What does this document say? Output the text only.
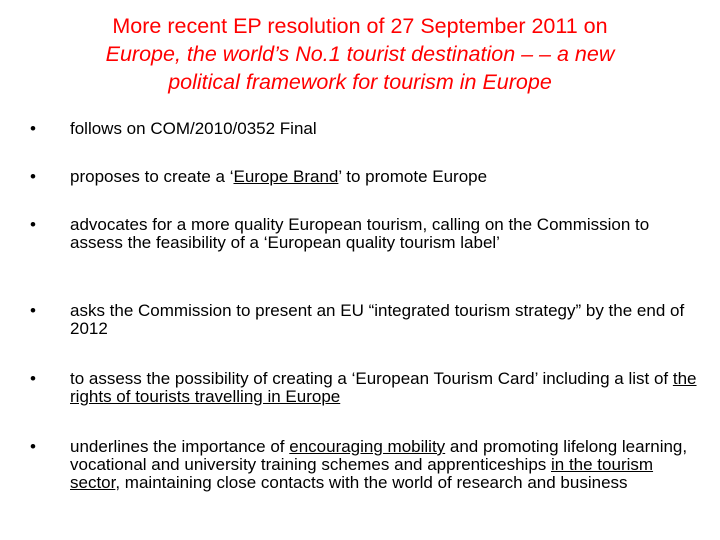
More recent EP resolution of 27 September 2011 on
Europe, the world’s No.1 tourist destination – – a new
political framework for tourism in Europe
•	follows on COM/2010/0352 Final
•	proposes to create a ‘Europe Brand’ to promote Europe
•	advocates for a more quality European tourism, calling on the Commission to assess the feasibility of a ‘European quality tourism label’
•	asks the Commission to present an EU “integrated tourism strategy” by the end of 2012
•	to assess the possibility of creating a ‘European Tourism Card’ including a list of the rights of tourists travelling in Europe
•	underlines the importance of encouraging mobility and promoting lifelong learning, vocational and university training schemes and apprenticeships in the tourism sector, maintaining close contacts with the world of research and business
